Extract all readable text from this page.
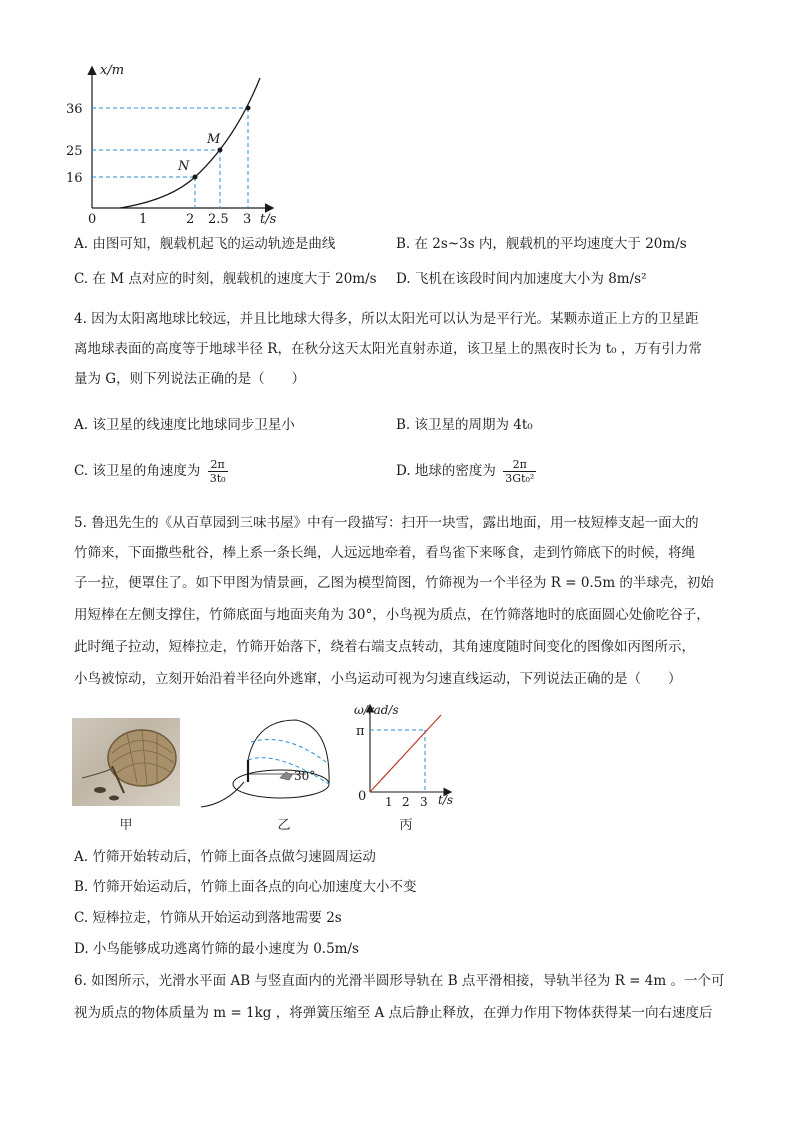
x/m
36
25
16
0	1	2 2.5 3 t/s
N
M
A. 由图可知，舰载机起飞的运动轨迹是曲线	B. 在 2s~3s 内，舰载机的平均速度大于 20m/s
C. 在 M 点对应的时刻，舰载机的速度大于 20m/s D. 飞机在该段时间内加速度大小为 8m/s²
4. 因为太阳离地球比较远，并且比地球大得多，所以太阳光可以认为是平行光。某颗赤道正上方的卫星距
离地球表面的高度等于地球半径 R，在秋分这天太阳光直射赤道，该卫星上的黑夜时长为 t₀ ，万有引力常
量为 G，则下列说法正确的是（　　）
A. 该卫星的线速度比地球同步卫星小	B. 该卫星的周期为 4t₀
C. 该卫星的角速度为 $\frac{2\pi}{\text{3t₀}}$	D. 地球的密度为 $\frac{2\pi}{\text{3Gt₀²}}$
5. 鲁迅先生的《从百草园到三味书屋》中有一段描写：扫开一块雪，露出地面，用一枝短棒支起一面大的
竹筛来，下面撒些秕谷，棒上系一条长绳，人远远地牵着，看鸟雀下来啄食，走到竹筛底下的时候，将绳
子一拉，便罩住了。如下甲图为情景画，乙图为模型简图，竹筛视为一个半径为 R = 0.5m 的半球壳，初始
用短棒在左侧支撑住，竹筛底面与地面夹角为 30°，小鸟视为质点，在竹筛落地时的底面圆心处偷吃谷子，
此时绳子拉动，短棒拉走，竹筛开始落下，绕着右端支点转动，其角速度随时间变化的图像如丙图所示，
小鸟被惊动，立刻开始沿着半径向外逃窜，小鸟运动可视为匀速直线运动，下列说法正确的是（　　）
甲
30°
乙
ω/rad/s
π
0 1 2 3 t/s
丙
A. 竹筛开始转动后，竹筛上面各点做匀速圆周运动
B. 竹筛开始运动后，竹筛上面各点的向心加速度大小不变
C. 短棒拉走，竹筛从开始运动到落地需要 2s
D. 小鸟能够成功逃离竹筛的最小速度为 0.5m/s
6. 如图所示，光滑水平面 AB 与竖直面内的光滑半圆形导轨在 B 点平滑相接，导轨半径为 R = 4m 。一个可
视为质点的物体质量为 m = 1kg ，将弹簧压缩至 A 点后静止释放，在弹力作用下物体获得某一向右速度后
